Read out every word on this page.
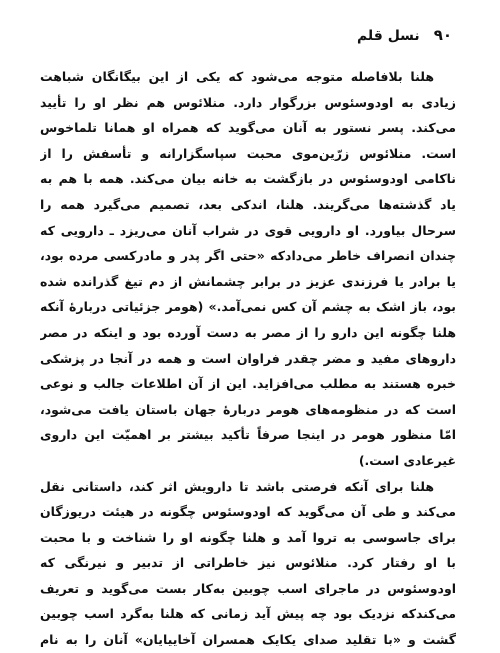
۹۰
نسل قلم
هلنا بلافاصله متوجه می‌شود که یکی از این بیگانگان شباهت
زیادی به اودوسئوس بزرگوار دارد. منلائوس هم نظر او را تأیید
می‌کند. پسر نستور به آنان می‌گوید که همراه او همانا تلماخوس
است. منلائوس زرّین‌موی محبت سپاسگزارانه و تأسفش را از
ناکامی اودوسئوس در بازگشت به خانه بیان می‌کند. همه با هم به
یاد گذشته‌ها می‌گریند. هلنا، اندکی بعد، تصمیم می‌گیرد همه را
سرحال بیاورد. او دارویی قوی در شراب آنان می‌ریزد ـ دارویی که
چندان انصراف خاطر می‌دادکه «حتی اگر پدر و مادرکسی مرده بود،
یا برادر یا فرزندی عزیز در برابر چشمانش از دم تیغ گذرانده شده
بود، باز اشک به چشم آن کس نمی‌آمد.» (هومر جزئیاتی دربارهٔ آنکه
هلنا چگونه این دارو را از مصر به دست آورده بود و اینکه در مصر
داروهای مفید و مضر چقدر فراوان است و همه در آنجا در پزشکی
خبره هستند به مطلب می‌افزاید. این از آن اطلاعات جالب و نوعی
است که در منظومه‌های هومر دربارهٔ جهان باستان یافت می‌شود،
امّا منظور هومر در اینجا صرفاً تأکید بیشتر بر اهمیّت این داروی
غیرعادی است.)
هلنا برای آنکه فرصتی باشد تا دارویش اثر کند، داستانی نقل
می‌کند و طی آن می‌گوید که اودوسئوس چگونه در هیئت دریوزگان
برای جاسوسی به تروا آمد و هلنا چگونه او را شناخت و با محبت
با او رفتار کرد. منلائوس نیز خاطراتی از تدبیر و نیرنگی که
اودوسئوس در ماجرای اسب چوبین به‌کار بست می‌گوید و تعریف
می‌کندکه نزدیک بود چه پیش آید زمانی که هلنا به‌گرد اسب چوبین
گشت و «با تقلید صدای یکایک همسران آخاییایان» آنان را به نام
